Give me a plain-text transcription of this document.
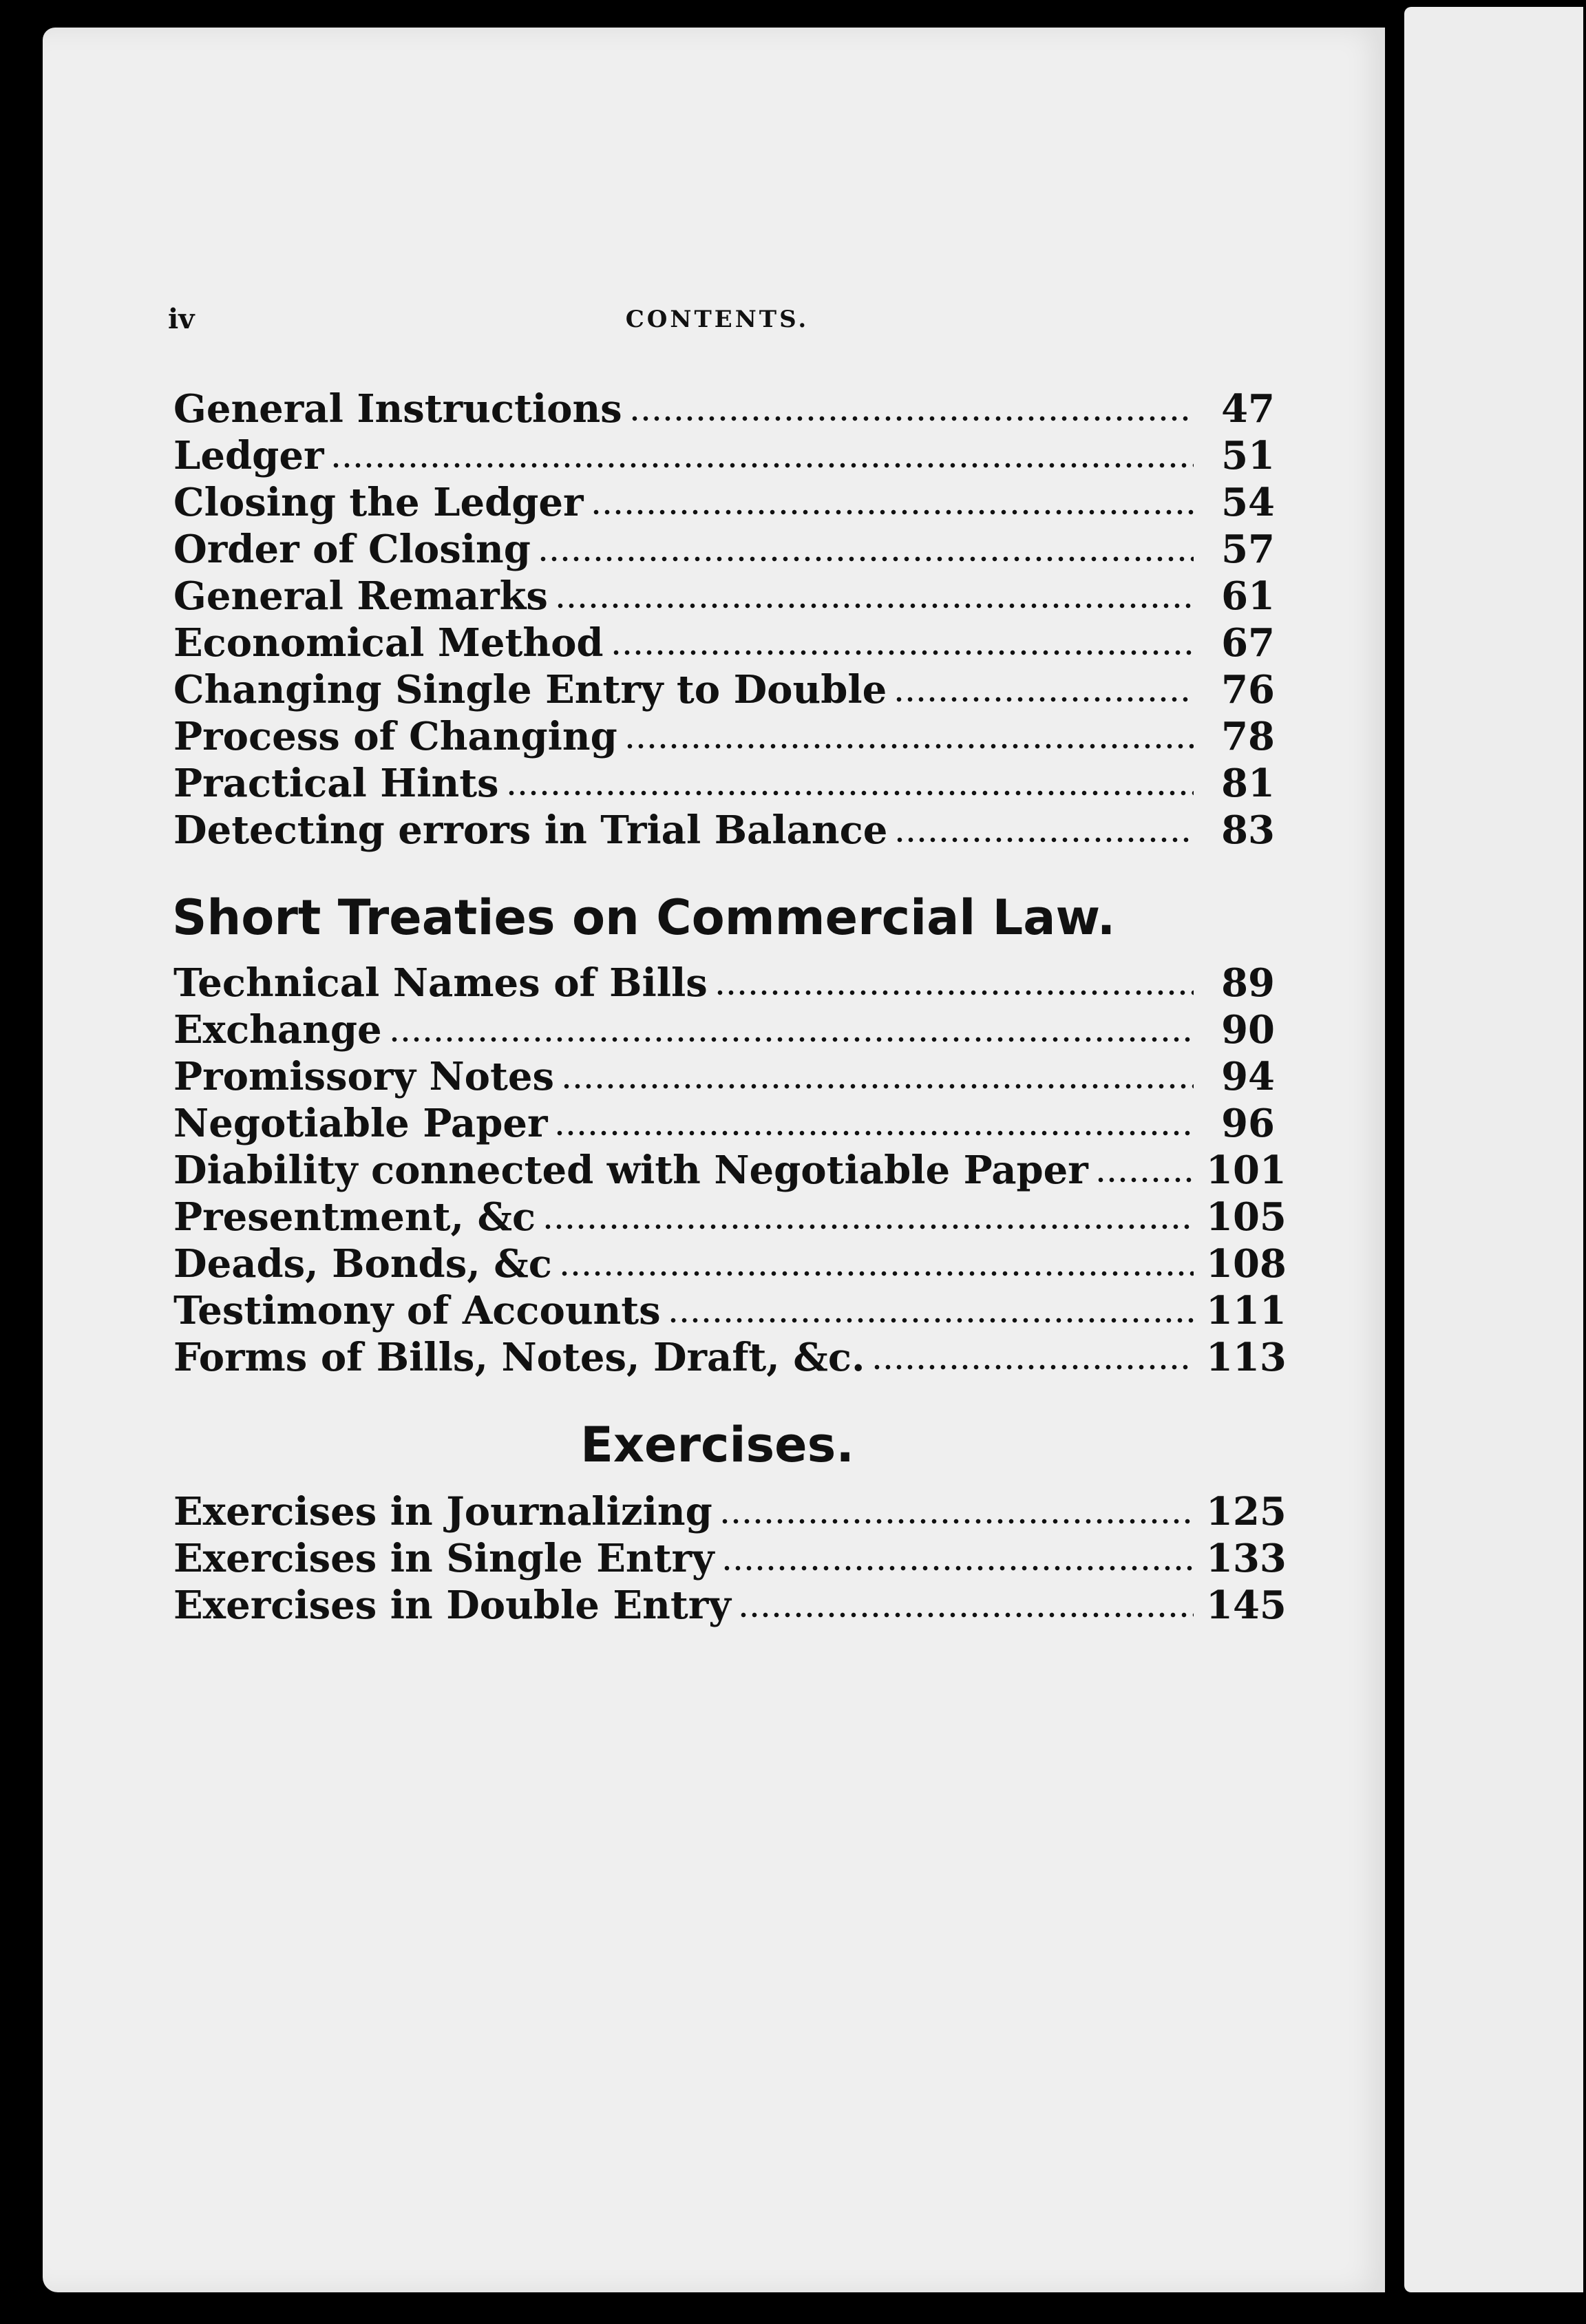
iv	CONTENTS.
General Instructions	47
Ledger	51
Closing the Ledger	54
Order of Closing	57
General Remarks	61
Economical Method	67
Changing Single Entry to Double	76
Process of Changing	78
Practical Hints	81
Detecting errors in Trial Balance	83
Short Treaties on Commercial Law.
Technical Names of Bills	89
Exchange	90
Promissory Notes	94
Negotiable Paper	96
Diability connected with Negotiable Paper	101
Presentment, &c	105
Deads, Bonds, &c	108
Testimony of Accounts	111
Forms of Bills, Notes, Draft, &c.	113
Exercises.
Exercises in Journalizing	125
Exercises in Single Entry	133
Exercises in Double Entry	145
